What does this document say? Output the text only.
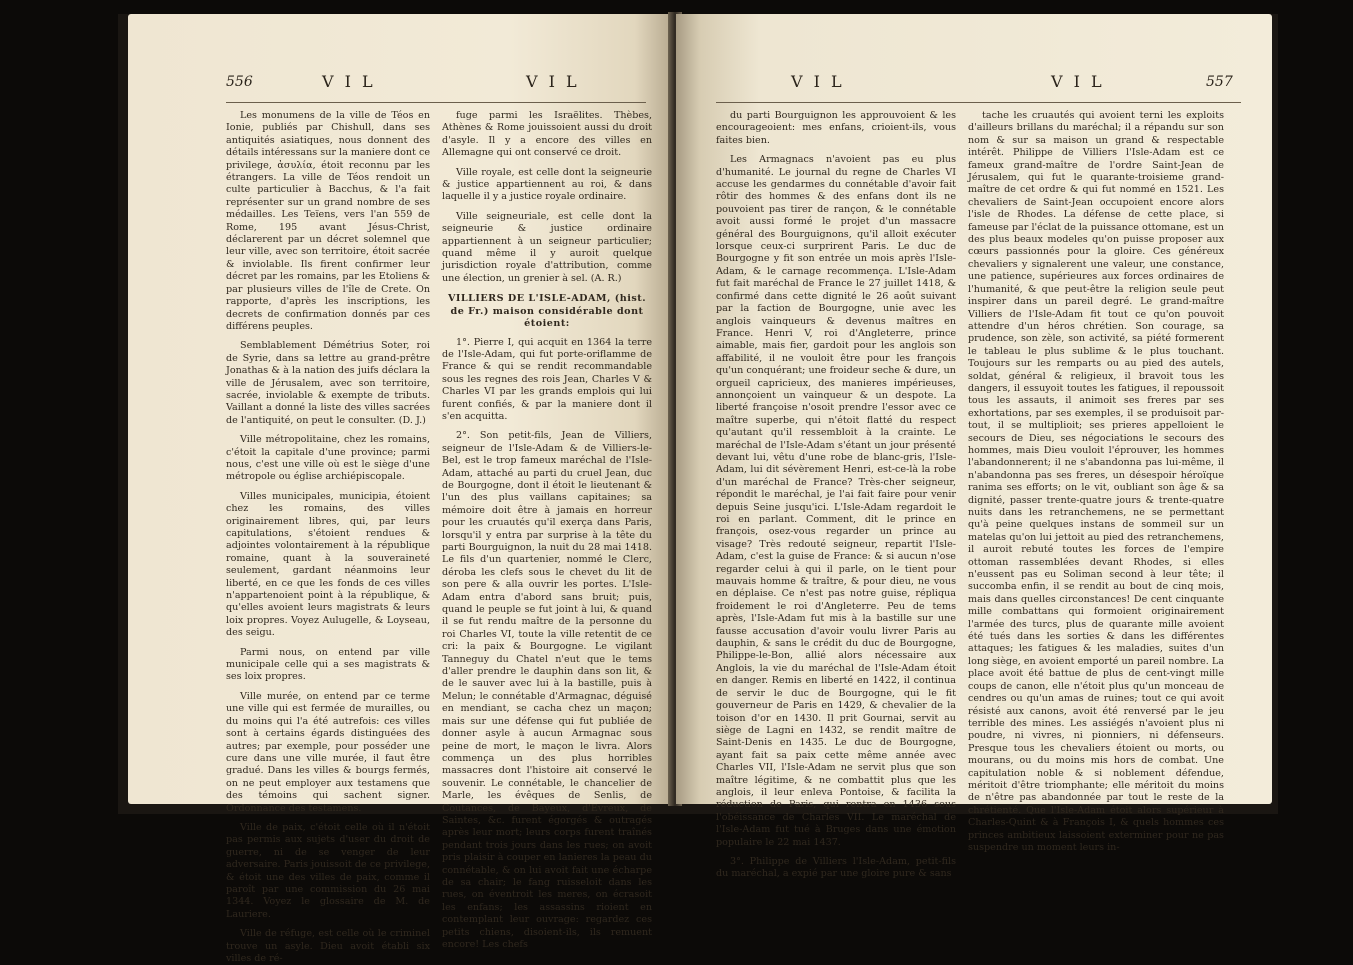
556	V I L	V I L

Les monumens de la ville de Téos en Ionie, publiés par Chishull, dans ses antiquités asiatiques, nous donnent des détails intéressans sur la maniere dont ce privilege, ἀσυλία, étoit reconnu par les étrangers. La ville de Téos rendoit un culte particulier à Bacchus, & l'a fait représenter sur un grand nombre de ses médailles. Les Teïens, vers l'an 559 de Rome, 195 avant Jésus-Christ, déclarerent par un décret solemnel que leur ville, avec son territoire, étoit sacrée & inviolable. Ils firent confirmer leur décret par les romains, par les Etoliens & par plusieurs villes de l'île de Crete. On rapporte, d'après les inscriptions, les decrets de confirmation donnés par ces différens peuples.

Semblablement Démétrius Soter, roi de Syrie, dans sa lettre au grand-prêtre Jonathas & à la nation des juifs déclara la ville de Jérusalem, avec son territoire, sacrée, inviolable & exempte de tributs. Vaillant a donné la liste des villes sacrées de l'antiquité, on peut le consulter. (D. J.)

Ville métropolitaine, chez les romains, c'étoit la capitale d'une province; parmi nous, c'est une ville où est le siège d'une métropole ou église archiépiscopale.

Villes municipales, municipia, étoient chez les romains, des villes originairement libres, qui, par leurs capitulations, s'étoient rendues & adjointes volontairement à la république romaine, quant à la souveraineté seulement, gardant néanmoins leur liberté, en ce que les fonds de ces villes n'appartenoient point à la république, & qu'elles avoient leurs magistrats & leurs loix propres. Voyez Aulugelle, & Loyseau, des seigu.

Parmi nous, on entend par ville municipale celle qui a ses magistrats & ses loix propres.

Ville murée, on entend par ce terme une ville qui est fermée de murailles, ou du moins qui l'a été autrefois: ces villes sont à certains égards distinguées des autres; par exemple, pour posséder une cure dans une ville murée, il faut être gradué. Dans les villes & bourgs fermés, on ne peut employer aux testamens que des témoins qui sachent signer. Ordonnance des testamens.

Ville de paix, c'étoit celle où il n'étoit pas permis aux sujets d'user du droit de guerre, ni de se venger de leur adversaire. Paris jouissoit de ce privilege, & étoit une des villes de paix, comme il paroît par une commission du 26 mai 1344. Voyez le glossaire de M. de Lauriere.

Ville de réfuge, est celle où le criminel trouve un asyle. Dieu avoit établi six villes de ré-

fuge parmi les Israëlites. Thèbes, Athènes & Rome jouissoient aussi du droit d'asyle. Il y a encore des villes en Allemagne qui ont conservé ce droit.

Ville royale, est celle dont la seigneurie & justice appartiennent au roi, & dans laquelle il y a justice royale ordinaire.

Ville seigneuriale, est celle dont la seigneurie & justice ordinaire appartiennent à un seigneur particulier; quand même il y auroit quelque jurisdiction royale d'attribution, comme une élection, un grenier à sel. (A. R.)

VILLIERS DE L'ISLE-ADAM, (hist. de Fr.) maison considérable dont étoient:

1°. Pierre I, qui acquit en 1364 la terre de l'Isle-Adam, qui fut porte-oriflamme de France & qui se rendit recommandable sous les regnes des rois Jean, Charles V & Charles VI par les grands emplois qui lui furent confiés, & par la maniere dont il s'en acquitta.

2°. Son petit-fils, Jean de Villiers, seigneur de l'Isle-Adam & de Villiers-le-Bel, est le trop fameux maréchal de l'Isle-Adam, attaché au parti du cruel Jean, duc de Bourgogne, dont il étoit le lieutenant & l'un des plus vaillans capitaines; sa mémoire doit être à jamais en horreur pour les cruautés qu'il exerça dans Paris, lorsqu'il y entra par surprise à la tête du parti Bourguignon, la nuit du 28 mai 1418. Le fils d'un quartenier, nommé le Clerc, déroba les clefs sous le chevet du lit de son pere & alla ouvrir les portes. L'Isle-Adam entra d'abord sans bruit; puis, quand le peuple se fut joint à lui, & quand il se fut rendu maître de la personne du roi Charles VI, toute la ville retentit de ce cri: la paix & Bourgogne. Le vigilant Tanneguy du Chatel n'eut que le tems d'aller prendre le dauphin dans son lit, & de le sauver avec lui à la bastille, puis à Melun; le connétable d'Armagnac, déguisé en mendiant, se cacha chez un maçon; mais sur une défense qui fut publiée de donner asyle à aucun Armagnac sous peine de mort, le maçon le livra. Alors commença un des plus horribles massacres dont l'histoire ait conservé le souvenir. Le connétable, le chancelier de Marle, les évêques de Senlis, de Coutances, de Bayeux, d'Evreux, de Saintes, &c. furent égorgés & outragés après leur mort; leurs corps furent traînés pendant trois jours dans les rues; on avoit pris plaisir à couper en lanieres la peau du connétable, & on lui avoit fait une écharpe de sa chair; le fang ruisseloit dans les rues, on éventroit les meres, on écrasoit les enfans; les assassins rioient en contemplant leur ouvrage: regardez ces petits chiens, disoient-ils, ils remuent encore! Les chefs

V I L	V I L	557

du parti Bourguignon les approuvoient & les encourageoient: mes enfans, crioient-ils, vous faites bien.

Les Armagnacs n'avoient pas eu plus d'humanité. Le journal du regne de Charles VI accuse les gendarmes du connétable d'avoir fait rôtir des hommes & des enfans dont ils ne pouvoient pas tirer de rançon, & le connétable avoit aussi formé le projet d'un massacre général des Bourguignons, qu'il alloit exécuter lorsque ceux-ci surprirent Paris. Le duc de Bourgogne y fit son entrée un mois après l'Isle-Adam, & le carnage recommença. L'Isle-Adam fut fait maréchal de France le 27 juillet 1418, & confirmé dans cette dignité le 26 août suivant par la faction de Bourgogne, unie avec les anglois vainqueurs & devenus maîtres en France. Henri V, roi d'Angleterre, prince aimable, mais fier, gardoit pour les anglois son affabilité, il ne vouloit être pour les françois qu'un conquérant; une froideur seche & dure, un orgueil capricieux, des manieres impérieuses, annonçoient un vainqueur & un despote. La liberté françoise n'osoit prendre l'essor avec ce maître superbe, qui n'étoit flatté du respect qu'autant qu'il ressembloit à la crainte. Le maréchal de l'Isle-Adam s'étant un jour présenté devant lui, vêtu d'une robe de blanc-gris, l'Isle-Adam, lui dit sévèrement Henri, est-ce-là la robe d'un maréchal de France? Très-cher seigneur, répondit le maréchal, je l'ai fait faire pour venir depuis Seine jusqu'ici. L'Isle-Adam regardoit le roi en parlant. Comment, dit le prince en françois, osez-vous regarder un prince au visage? Très redouté seigneur, repartit l'Isle-Adam, c'est la guise de France: & si aucun n'ose regarder celui à qui il parle, on le tient pour mauvais homme & traître, & pour dieu, ne vous en déplaise. Ce n'est pas notre guise, répliqua froidement le roi d'Angleterre. Peu de tems après, l'Isle-Adam fut mis à la bastille sur une fausse accusation d'avoir voulu livrer Paris au dauphin, & sans le crédit du duc de Bourgogne, Philippe-le-Bon, allié alors nécessaire aux Anglois, la vie du maréchal de l'Isle-Adam étoit en danger. Remis en liberté en 1422, il continua de servir le duc de Bourgogne, qui le fit gouverneur de Paris en 1429, & chevalier de la toison d'or en 1430. Il prit Gournai, servit au siège de Lagni en 1432, se rendit maître de Saint-Denis en 1435. Le duc de Bourgogne, ayant fait sa paix cette même année avec Charles VII, l'Isle-Adam ne servit plus que son maître légitime, & ne combattit plus que les anglois, il leur enleva Pontoise, & facilita la réduction de Paris, qui rentra en 1436 sous l'obéissance de Charles VII. Le maréchal de l'Isle-Adam fut tué à Bruges dans une émotion populaire le 22 mai 1437.

3°. Philippe de Villiers l'Isle-Adam, petit-fils du maréchal, a expié par une gloire pure & sans

tache les cruautés qui avoient terni les exploits d'ailleurs brillans du maréchal; il a répandu sur son nom & sur sa maison un grand & respectable intérêt. Philippe de Villiers l'Isle-Adam est ce fameux grand-maître de l'ordre Saint-Jean de Jérusalem, qui fut le quarante-troisieme grand-maître de cet ordre & qui fut nommé en 1521. Les chevaliers de Saint-Jean occupoient encore alors l'isle de Rhodes. La défense de cette place, si fameuse par l'éclat de la puissance ottomane, est un des plus beaux modeles qu'on puisse proposer aux cœurs passionnés pour la gloire. Ces généreux chevaliers y signalerent une valeur, une constance, une patience, supérieures aux forces ordinaires de l'humanité, & que peut-être la religion seule peut inspirer dans un pareil degré. Le grand-maître Villiers de l'Isle-Adam fit tout ce qu'on pouvoit attendre d'un héros chrétien. Son courage, sa prudence, son zèle, son activité, sa piété formerent le tableau le plus sublime & le plus touchant. Toujours sur les remparts ou au pied des autels, soldat, général & religieux, il bravoit tous les dangers, il essuyoit toutes les fatigues, il repoussoit tous les assauts, il animoit ses freres par ses exhortations, par ses exemples, il se produisoit par-tout, il se multiplioit; ses prieres appelloient le secours de Dieu, ses négociations le secours des hommes, mais Dieu vouloit l'éprouver, les hommes l'abandonnerent; il ne s'abandonna pas lui-même, il n'abandonna pas ses freres, un désespoir héroïque ranima ses efforts; on le vit, oubliant son âge & sa dignité, passer trente-quatre jours & trente-quatre nuits dans les retranchemens, ne se permettant qu'à peine quelques instans de sommeil sur un matelas qu'on lui jettoit au pied des retranchemens, il auroit rebuté toutes les forces de l'empire ottoman rassemblées devant Rhodes, si elles n'eussent pas eu Soliman second à leur tête; il succomba enfin, il se rendit au bout de cinq mois, mais dans quelles circonstances! De cent cinquante mille combattans qui formoient originairement l'armée des turcs, plus de quarante mille avoient été tués dans les sorties & dans les différentes attaques; les fatigues & les maladies, suites d'un long siège, en avoient emporté un pareil nombre. La place avoit été battue de plus de cent-vingt mille coups de canon, elle n'étoit plus qu'un monceau de cendres ou qu'un amas de ruines; tout ce qui avoit résisté aux canons, avoit été renversé par le jeu terrible des mines. Les assiégés n'avoient plus ni poudre, ni vivres, ni pionniers, ni défenseurs. Presque tous les chevaliers étoient ou morts, ou mourans, ou du moins mis hors de combat. Une capitulation noble & si noblement défendue, méritoit d'être triomphante; elle méritoit du moins de n'être pas abandonnée par tout le reste de la chrétienté. Que l'Isle-Adam étoit alors supérieur à Charles-Quint & à François I, & quels hommes ces princes ambitieux laissoient exterminer pour ne pas suspendre un moment leurs in-
